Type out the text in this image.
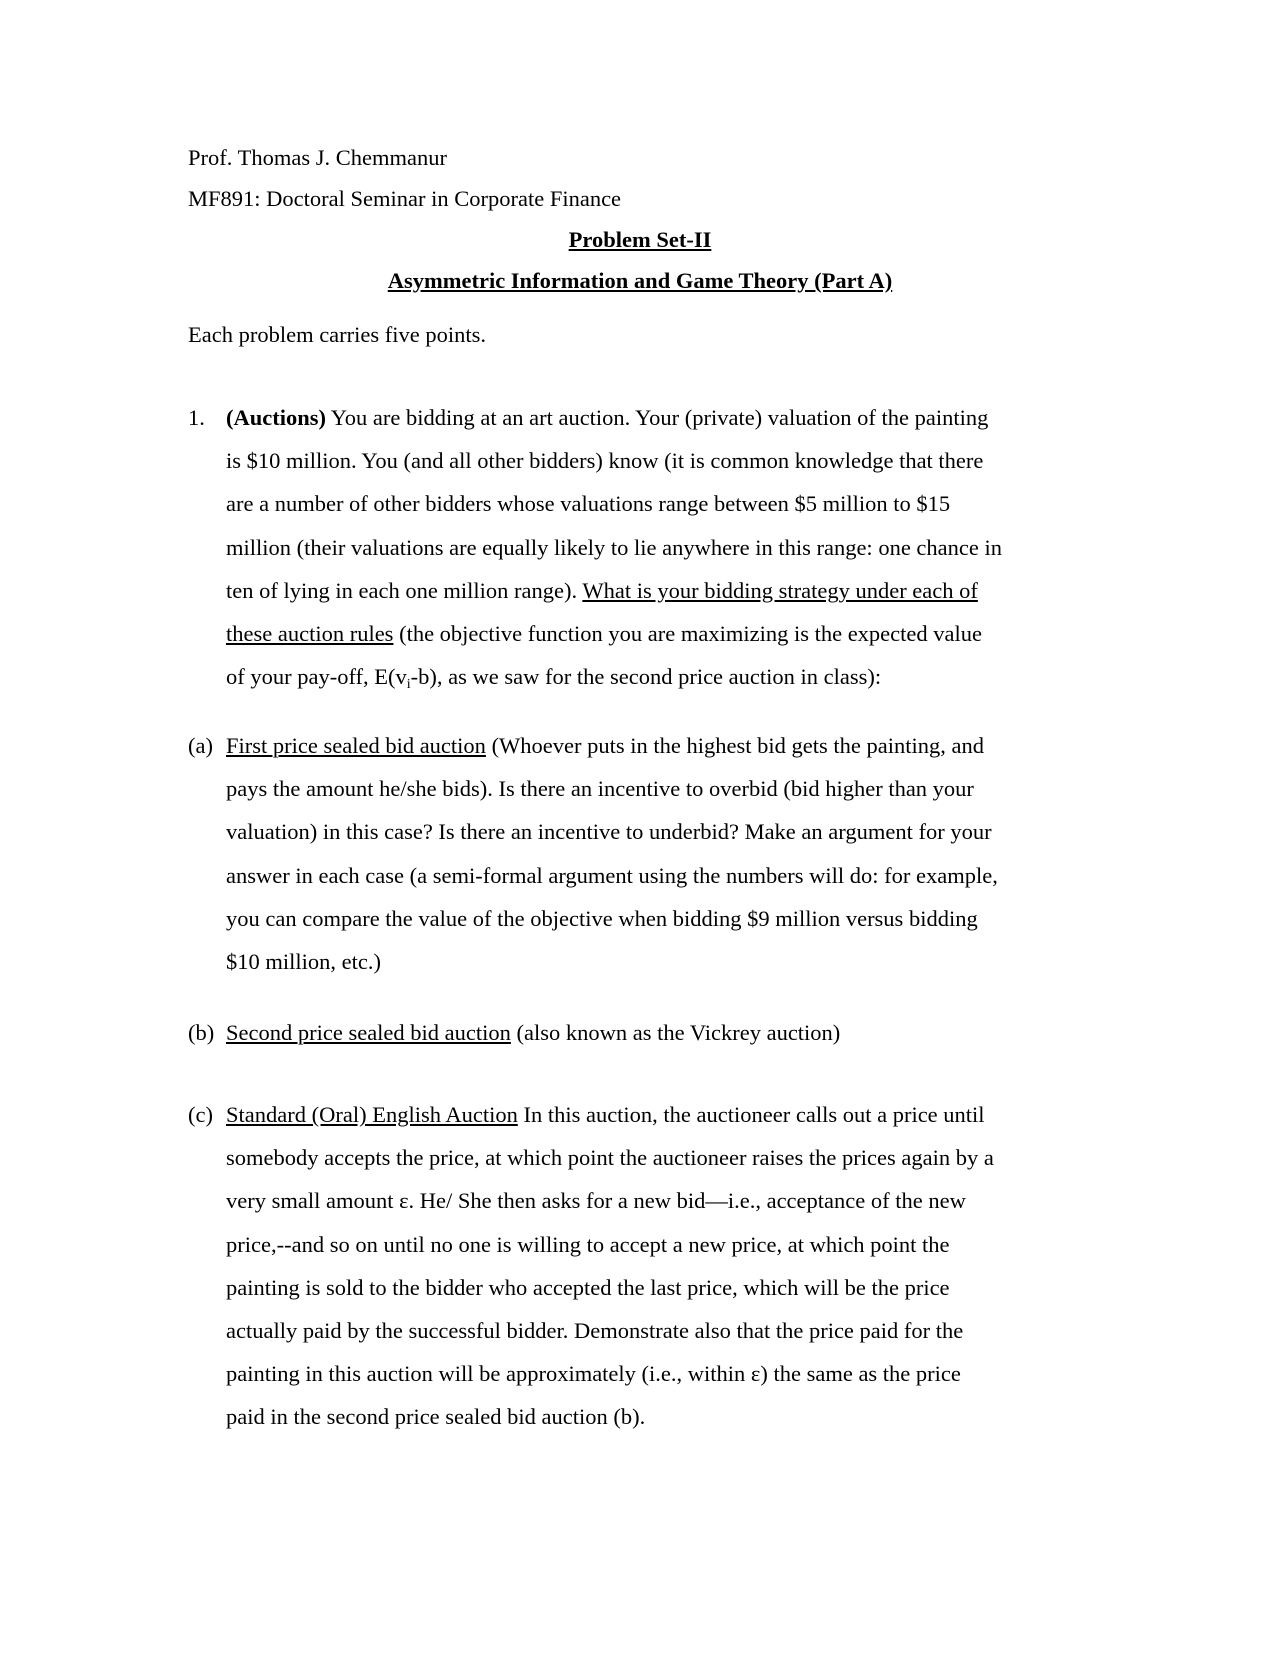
Prof. Thomas J. Chemmanur
MF891: Doctoral Seminar in Corporate Finance
Problem Set-II
Asymmetric Information and Game Theory (Part A)
Each problem carries five points.
1. (Auctions) You are bidding at an art auction. Your (private) valuation of the painting
is $10 million. You (and all other bidders) know (it is common knowledge that there
are a number of other bidders whose valuations range between $5 million to $15
million (their valuations are equally likely to lie anywhere in this range: one chance in
ten of lying in each one million range). What is your bidding strategy under each of
these auction rules (the objective function you are maximizing is the expected value
of your pay-off, $E(v_i-b)$, as we saw for the second price auction in class):
(a) First price sealed bid auction (Whoever puts in the highest bid gets the painting, and
pays the amount he/she bids). Is there an incentive to overbid (bid higher than your
valuation) in this case? Is there an incentive to underbid? Make an argument for your
answer in each case (a semi-formal argument using the numbers will do: for example,
you can compare the value of the objective when bidding $9 million versus bidding
$10 million, etc.)
(b) Second price sealed bid auction (also known as the Vickrey auction)
(c) Standard (Oral) English Auction In this auction, the auctioneer calls out a price until
somebody accepts the price, at which point the auctioneer raises the prices again by a
very small amount ε. He/ She then asks for a new bid—i.e., acceptance of the new
price,--and so on until no one is willing to accept a new price, at which point the
painting is sold to the bidder who accepted the last price, which will be the price
actually paid by the successful bidder. Demonstrate also that the price paid for the
painting in this auction will be approximately (i.e., within ε) the same as the price
paid in the second price sealed bid auction (b).
